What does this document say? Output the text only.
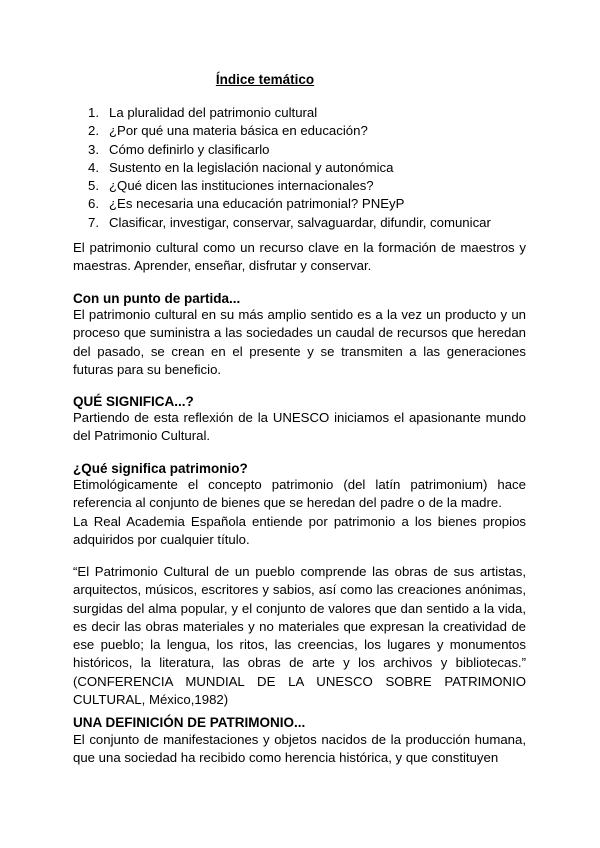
Índice temático
1. La pluralidad del patrimonio cultural
2. ¿Por qué una materia básica en educación?
3. Cómo definirlo y clasificarlo
4. Sustento en la legislación nacional y autonómica
5. ¿Qué dicen las instituciones internacionales?
6. ¿Es necesaria una educación patrimonial? PNEyP
7. Clasificar, investigar, conservar, salvaguardar, difundir, comunicar

El patrimonio cultural como un recurso clave en la formación de maestros y maestras. Aprender, enseñar, disfrutar y conservar.

Con un punto de partida...

El patrimonio cultural en su más amplio sentido es a la vez un producto y un proceso que suministra a las sociedades un caudal de recursos que heredan del pasado, se crean en el presente y se transmiten a las generaciones futuras para su beneficio.

QUÉ SIGNIFICA...?

Partiendo de esta reflexión de la UNESCO iniciamos el apasionante mundo del Patrimonio Cultural.

¿Qué significa patrimonio?

Etimológicamente el concepto patrimonio (del latín patrimonium) hace referencia al conjunto de bienes que se heredan del padre o de la madre.

La Real Academia Española entiende por patrimonio a los bienes propios adquiridos por cualquier título.

“El Patrimonio Cultural de un pueblo comprende las obras de sus artistas, arquitectos, músicos, escritores y sabios, así como las creaciones anónimas, surgidas del alma popular, y el conjunto de valores que dan sentido a la vida, es decir las obras materiales y no materiales que expresan la creatividad de ese pueblo; la lengua, los ritos, las creencias, los lugares y monumentos históricos, la literatura, las obras de arte y los archivos y bibliotecas.” (CONFERENCIA MUNDIAL DE LA UNESCO SOBRE PATRIMONIO CULTURAL, México,1982)

UNA DEFINICIÓN DE PATRIMONIO...

El conjunto de manifestaciones y objetos nacidos de la producción humana, que una sociedad ha recibido como herencia histórica, y que constituyen
